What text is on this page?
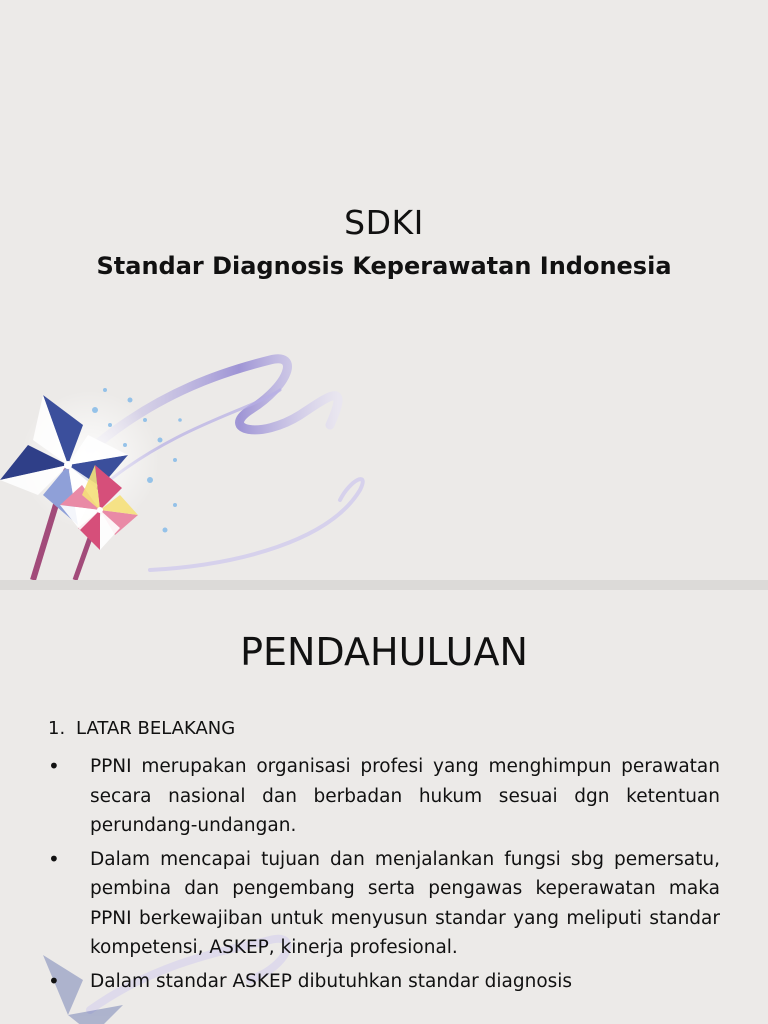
SDKI
Standar Diagnosis Keperawatan Indonesia
PENDAHULUAN
1. LATAR BELAKANG
• PPNI merupakan organisasi profesi yang menghimpun perawatan secara nasional dan berbadan hukum sesuai dgn ketentuan perundang-undangan.
• Dalam mencapai tujuan dan menjalankan fungsi sbg pemersatu, pembina dan pengembang serta pengawas keperawatan maka PPNI berkewajiban untuk menyusun standar yang meliputi standar kompetensi, ASKEP, kinerja profesional.
• Dalam standar ASKEP dibutuhkan standar diagnosis
